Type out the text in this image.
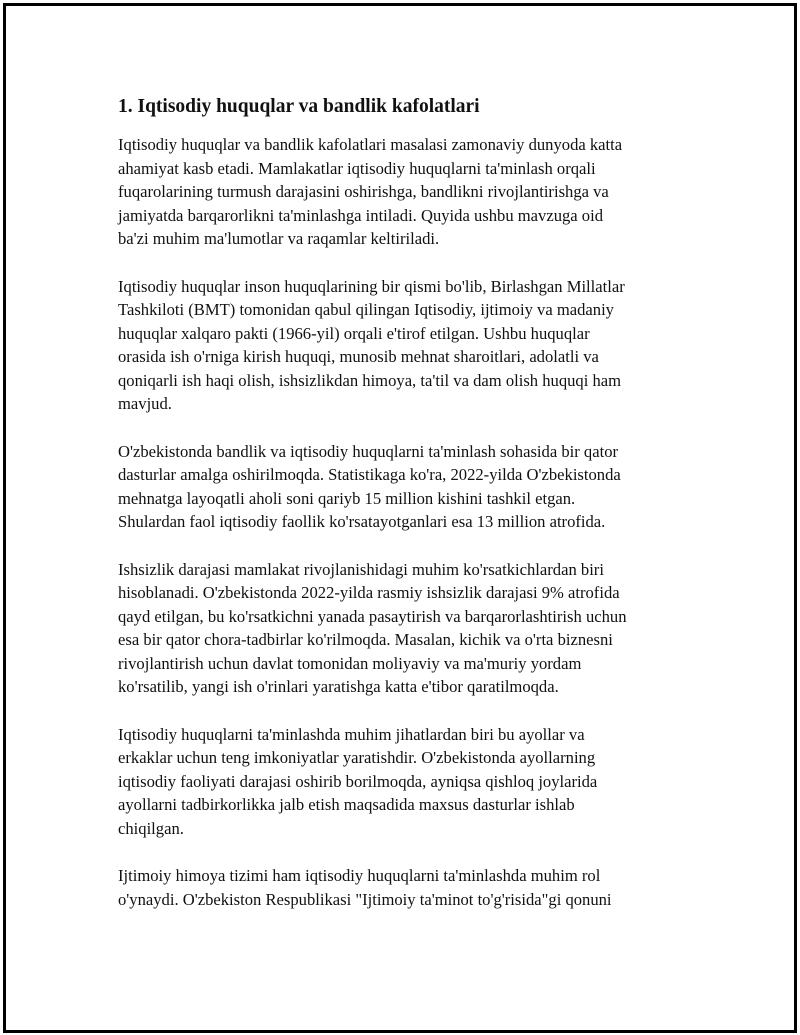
1. Iqtisodiy huquqlar va bandlik kafolatlari

Iqtisodiy huquqlar va bandlik kafolatlari masalasi zamonaviy dunyoda katta
ahamiyat kasb etadi. Mamlakatlar iqtisodiy huquqlarni ta'minlash orqali
fuqarolarining turmush darajasini oshirishga, bandlikni rivojlantirishga va
jamiyatda barqarorlikni ta'minlashga intiladi. Quyida ushbu mavzuga oid
ba'zi muhim ma'lumotlar va raqamlar keltiriladi.

Iqtisodiy huquqlar inson huquqlarining bir qismi bo'lib, Birlashgan Millatlar
Tashkiloti (BMT) tomonidan qabul qilingan Iqtisodiy, ijtimoiy va madaniy
huquqlar xalqaro pakti (1966-yil) orqali e'tirof etilgan. Ushbu huquqlar
orasida ish o'rniga kirish huquqi, munosib mehnat sharoitlari, adolatli va
qoniqarli ish haqi olish, ishsizlikdan himoya, ta'til va dam olish huquqi ham
mavjud.

O'zbekistonda bandlik va iqtisodiy huquqlarni ta'minlash sohasida bir qator
dasturlar amalga oshirilmoqda. Statistikaga ko'ra, 2022-yilda O'zbekistonda
mehnatga layoqatli aholi soni qariyb 15 million kishini tashkil etgan.
Shulardan faol iqtisodiy faollik ko'rsatayotganlari esa 13 million atrofida.

Ishsizlik darajasi mamlakat rivojlanishidagi muhim ko'rsatkichlardan biri
hisoblanadi. O'zbekistonda 2022-yilda rasmiy ishsizlik darajasi 9% atrofida
qayd etilgan, bu ko'rsatkichni yanada pasaytirish va barqarorlashtirish uchun
esa bir qator chora-tadbirlar ko'rilmoqda. Masalan, kichik va o'rta biznesni
rivojlantirish uchun davlat tomonidan moliyaviy va ma'muriy yordam
ko'rsatilib, yangi ish o'rinlari yaratishga katta e'tibor qaratilmoqda.

Iqtisodiy huquqlarni ta'minlashda muhim jihatlardan biri bu ayollar va
erkaklar uchun teng imkoniyatlar yaratishdir. O'zbekistonda ayollarning
iqtisodiy faoliyati darajasi oshirib borilmoqda, ayniqsa qishloq joylarida
ayollarni tadbirkorlikka jalb etish maqsadida maxsus dasturlar ishlab
chiqilgan.

Ijtimoiy himoya tizimi ham iqtisodiy huquqlarni ta'minlashda muhim rol
o'ynaydi. O'zbekiston Respublikasi "Ijtimoiy ta'minot to'g'risida"gi qonuni
